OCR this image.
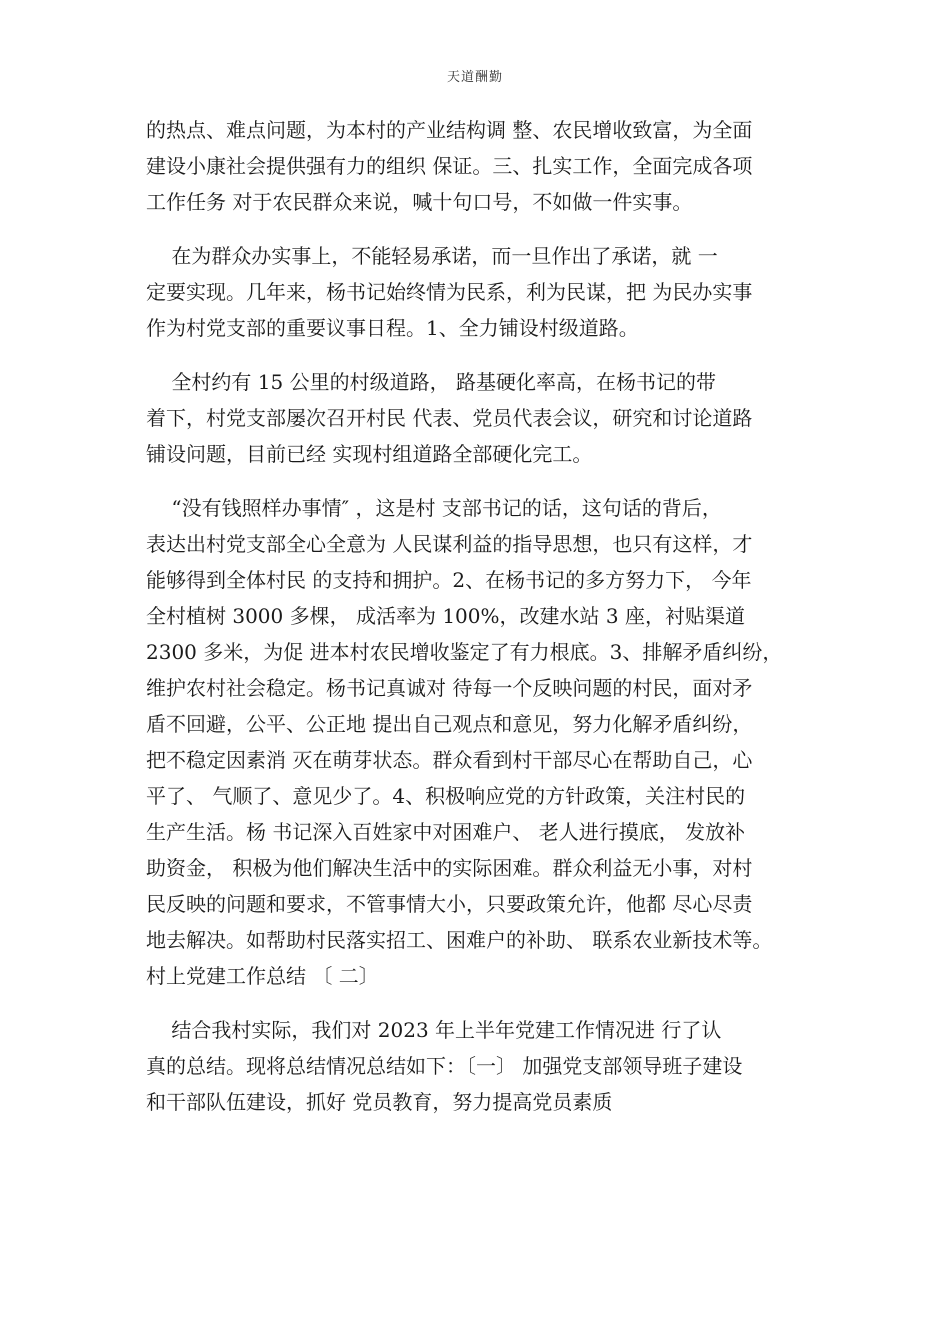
天道酬勤
的热点、难点问题，为本村的产业结构调 整、农民增收致富，为全面
建设小康社会提供强有力的组织 保证。三、扎实工作，全面完成各项
工作任务 对于农民群众来说，喊十句口号，不如做一件实事。
在为群众办实事上，不能轻易承诺，而一旦作出了承诺，就 一
定要实现。几年来，杨书记始终情为民系，利为民谋，把 为民办实事
作为村党支部的重要议事日程。1、全力铺设村级道路。
全村约有 15 公里的村级道路， 路基硬化率高，在杨书记的带
着下，村党支部屡次召开村民 代表、党员代表会议，研究和讨论道路
铺设问题，目前已经 实现村组道路全部硬化完工。
“没有钱照样办事情″ ，这是村 支部书记的话，这句话的背后，
表达出村党支部全心全意为 人民谋利益的指导思想，也只有这样，才
能够得到全体村民 的支持和拥护。2、在杨书记的多方努力下， 今年
全村植树 3000 多棵， 成活率为 100%，改建水站 3 座，衬贴渠道
2300 多米，为促 进本村农民增收鉴定了有力根底。3、排解矛盾纠纷，
维护农村社会稳定。杨书记真诚对 待每一个反映问题的村民，面对矛
盾不回避，公平、公正地 提出自己观点和意见，努力化解矛盾纠纷，
把不稳定因素消 灭在萌芽状态。群众看到村干部尽心在帮助自己，心
平了、 气顺了、意见少了。4、积极响应党的方针政策，关注村民的
生产生活。杨 书记深入百姓家中对困难户、 老人进行摸底， 发放补
助资金， 积极为他们解决生活中的实际困难。群众利益无小事，对村
民反映的问题和要求，不管事情大小，只要政策允许，他都 尽心尽责
地去解决。如帮助村民落实招工、困难户的补助、 联系农业新技术等。
村上党建工作总结 〔 二〕
结合我村实际，我们对 2023 年上半年党建工作情况进 行了认
真的总结。现将总结情况总结如下：〔一〕 加强党支部领导班子建设
和干部队伍建设，抓好 党员教育，努力提高党员素质
